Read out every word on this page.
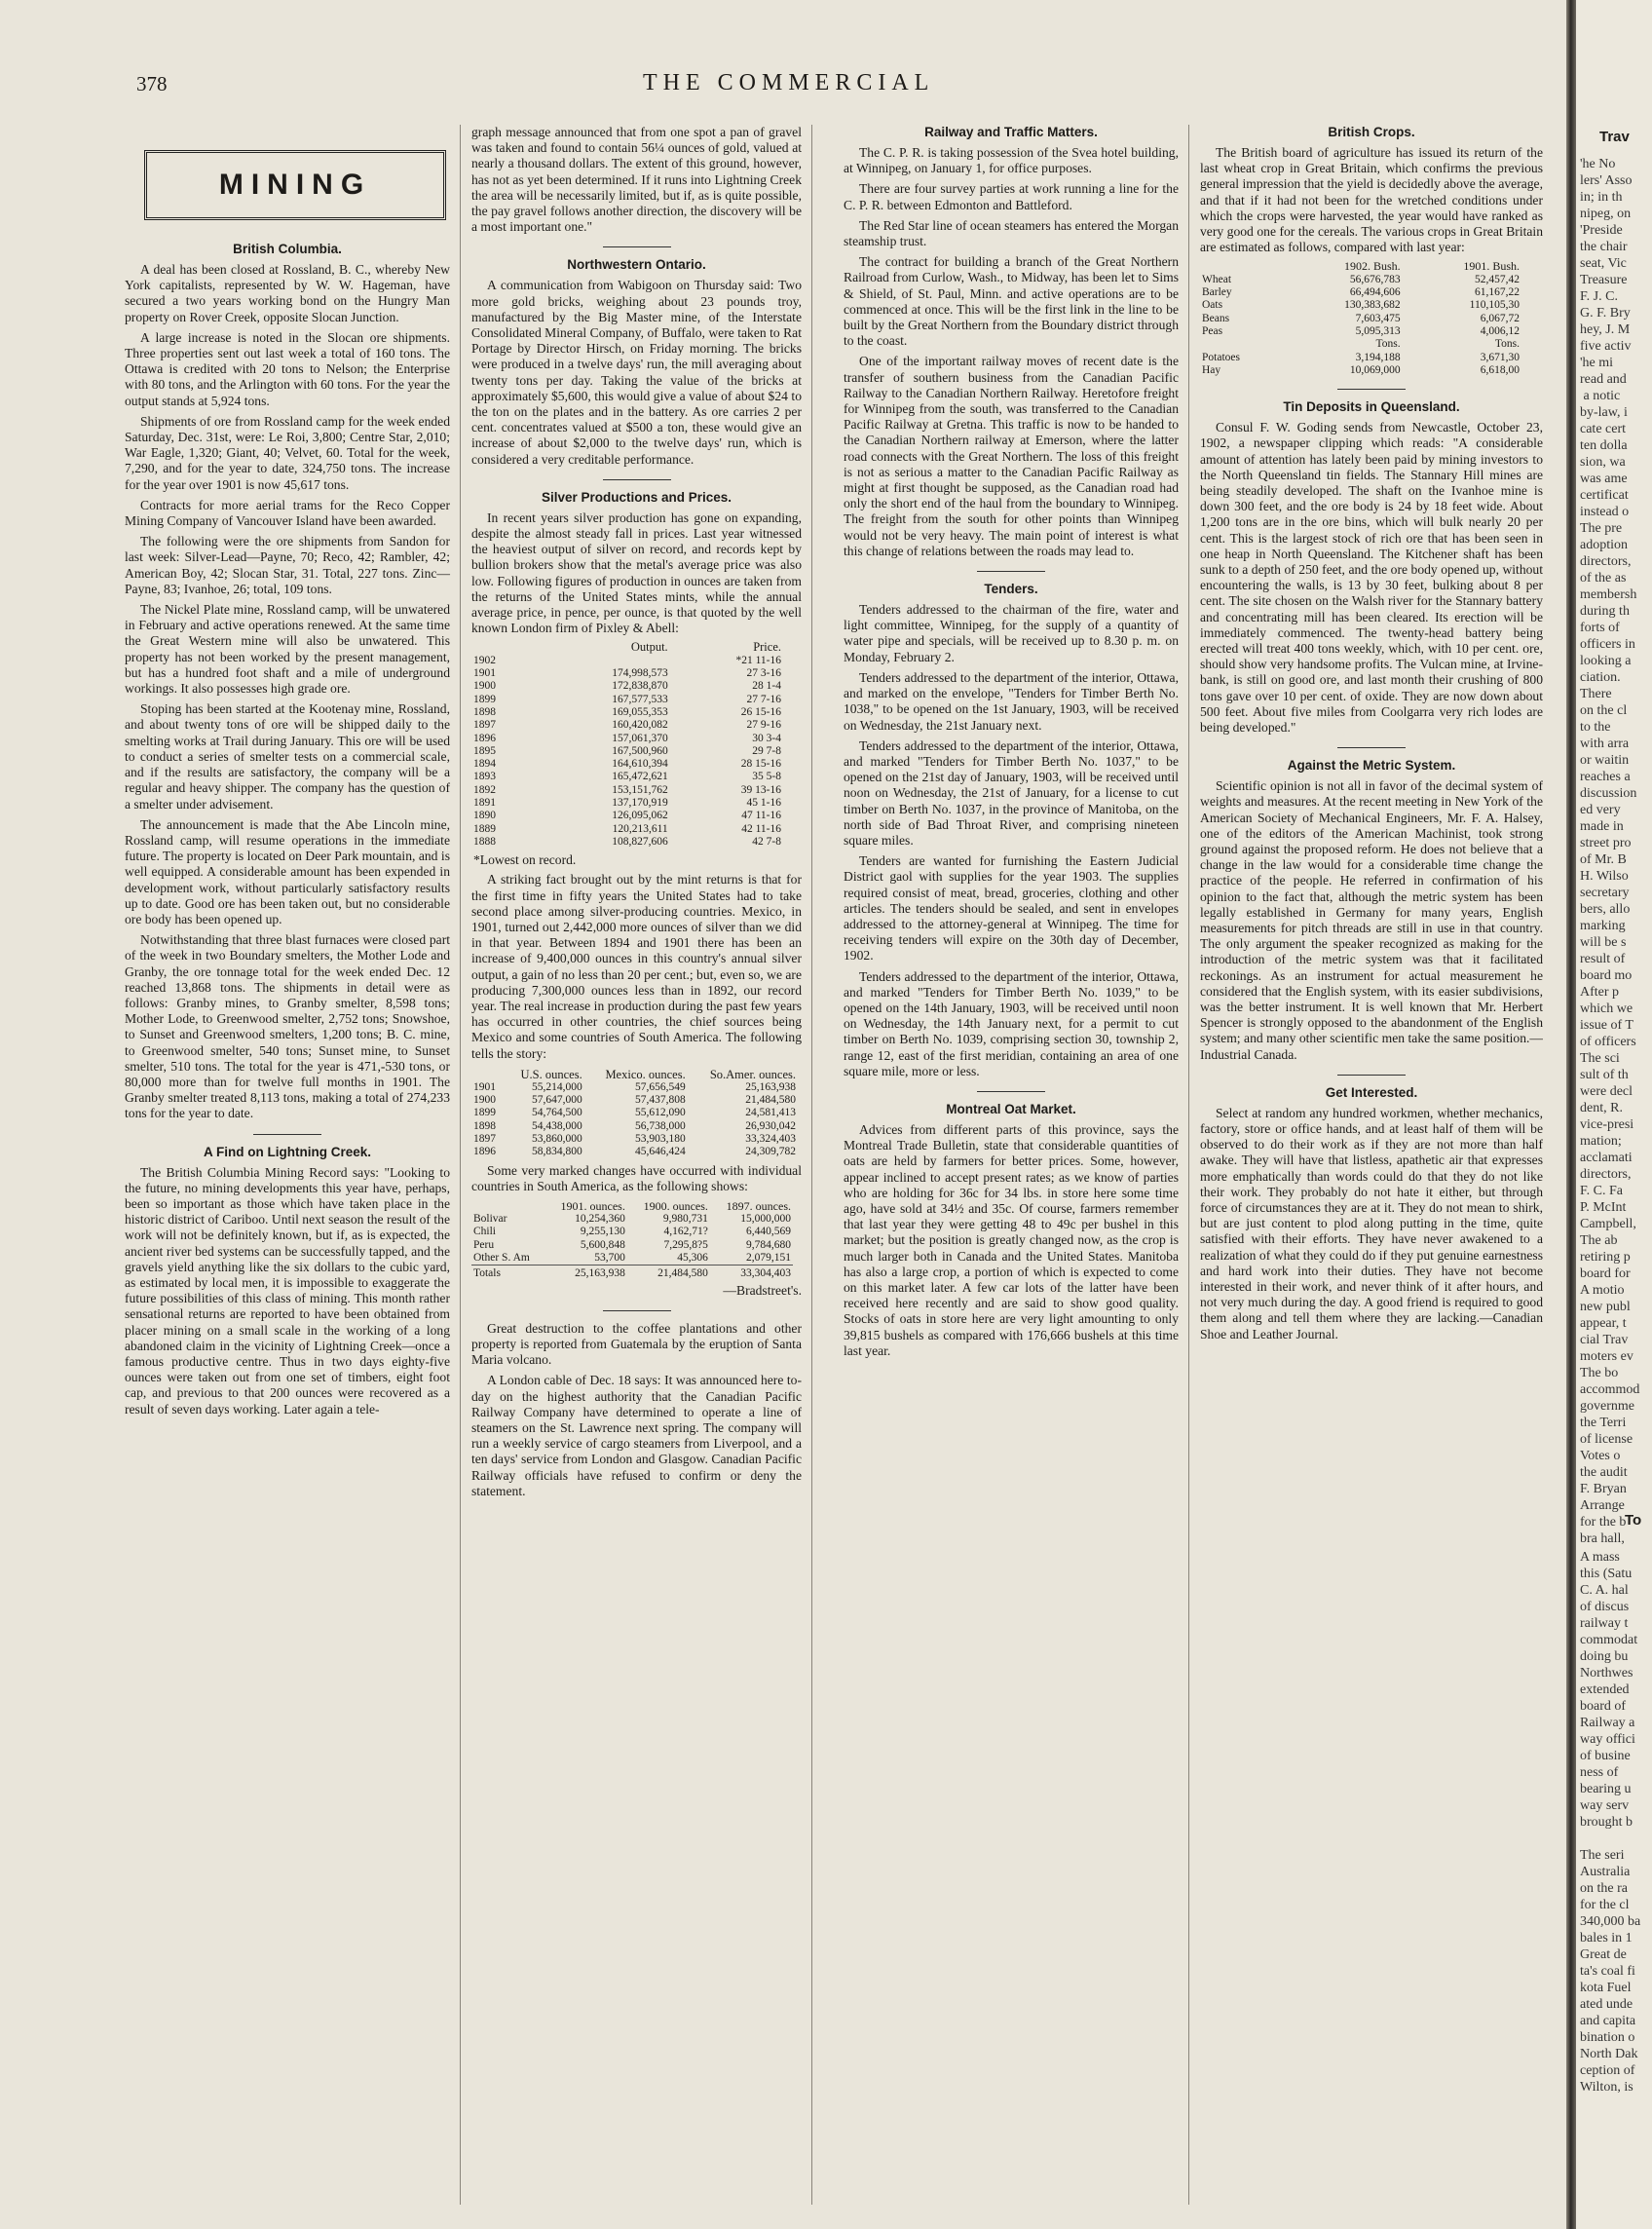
Trav
'he No
lers' Asso
in; in th
nipeg, on
'Preside
the chair
seat, Vic
Treasure
F. J. C.
G. F. Bry
hey, J. M
five activ
'he mi
read and
a notic
by-law, i
cate cert
ten dolla
sion, wa
was ame
certificat
instead o
The pre
adoption
directors,
of the as
membersh
during th
forts of
officers in
looking a
ciation.
There
on the cl
to the
with arra
or waitin
reaches a
discussion
ed very
made in
street pro
of Mr. B
H. Wilso
secretary
bers, allo
marking
will be s
result of
board mo
After p
which we
issue of T
of officers
The sci
sult of th
were decl
dent, R.
vice-presi
mation;
acclamati
directors,
F. C. Fa
P. McInt
Campbell,
The ab
retiring p
board for
A motio
new publ
appear, t
cial Trav
moters ev
The bo
accommod
governme
the Terri
of license
Votes o
the audit
F. Bryan
Arrange
for the b
bra hall,
To
A mass
this (Satu
C. A. hal
of discus
railway t
commodat
doing bu
Northwes
extended
board of
Railway a
way offici
of busine
ness of
bearing u
way serv
brought b

The seri
Australia
on the ra
for the cl
340,000 ba
bales in 1
Great de
ta's coal fi
kota Fuel
ated unde
and capita
bination o
North Dak
ception of
Wilton, is
378	THE COMMERCIAL
MINING
British Columbia.

A deal has been closed at Rossland, B. C., whereby New York capitalists, represented by W. W. Hageman, have secured a two years working bond on the Hungry Man property on Rover Creek, opposite Slocan Junction.

A large increase is noted in the Slocan ore shipments. Three properties sent out last week a total of 160 tons. The Ottawa is credited with 20 tons to Nelson; the Enterprise with 80 tons, and the Arlington with 60 tons. For the year the output stands at 5,924 tons.

Shipments of ore from Rossland camp for the week ended Saturday, Dec. 31st, were: Le Roi, 3,800; Centre Star, 2,010; War Eagle, 1,320; Giant, 40; Velvet, 60. Total for the week, 7,290, and for the year to date, 324,750 tons. The increase for the year over 1901 is now 45,617 tons.

Contracts for more aerial trams for the Reco Copper Mining Company of Vancouver Island have been awarded.

The following were the ore shipments from Sandon for last week: Silver-Lead—Payne, 70; Reco, 42; Rambler, 42; American Boy, 42; Slocan Star, 31. Total, 227 tons. Zinc—Payne, 83; Ivanhoe, 26; total, 109 tons.

The Nickel Plate mine, Rossland camp, will be unwatered in February and active operations renewed. At the same time the Great Western mine will also be unwatered. This property has not been worked by the present management, but has a hundred foot shaft and a mile of underground workings. It also possesses high grade ore.

Stoping has been started at the Kootenay mine, Rossland, and about twenty tons of ore will be shipped daily to the smelting works at Trail during January. This ore will be used to conduct a series of smelter tests on a commercial scale, and if the results are satisfactory, the company will be a regular and heavy shipper. The company has the question of a smelter under advisement.

The announcement is made that the Abe Lincoln mine, Rossland camp, will resume operations in the immediate future. The property is located on Deer Park mountain, and is well equipped. A considerable amount has been expended in development work, without particularly satisfactory results up to date. Good ore has been taken out, but no considerable ore body has been opened up.

Notwithstanding that three blast furnaces were closed part of the week in two Boundary smelters, the Mother Lode and Granby, the ore tonnage total for the week ended Dec. 12 reached 13,868 tons. The shipments in detail were as follows: Granby mines, to Granby smelter, 8,598 tons; Mother Lode, to Greenwood smelter, 2,752 tons; Snowshoe, to Sunset and Greenwood smelters, 1,200 tons; B. C. mine, to Greenwood smelter, 540 tons; Sunset mine, to Sunset smelter, 510 tons. The total for the year is 471,-530 tons, or 80,000 more than for twelve full months in 1901. The Granby smelter treated 8,113 tons, making a total of 274,233 tons for the year to date.

A Find on Lightning Creek.

The British Columbia Mining Record says: "Looking to the future, no mining developments this year have, perhaps, been so important as those which have taken place in the historic district of Cariboo. Until next season the result of the work will not be definitely known, but if, as is expected, the ancient river bed systems can be successfully tapped, and the gravels yield anything like the six dollars to the cubic yard, as estimated by local men, it is impossible to exaggerate the future possibilities of this class of mining. This month rather sensational returns are reported to have been obtained from placer mining on a small scale in the working of a long abandoned claim in the vicinity of Lightning Creek—once a famous productive centre. Thus in two days eighty-five ounces were taken out from one set of timbers, eight foot cap, and previous to that 200 ounces were recovered as a result of seven days working. Later again a tele-

graph message announced that from one spot a pan of gravel was taken and found to contain 56¼ ounces of gold, valued at nearly a thousand dollars. The extent of this ground, however, has not as yet been determined. If it runs into Lightning Creek the area will be necessarily limited, but if, as is quite possible, the pay gravel follows another direction, the discovery will be a most important one."

Northwestern Ontario.

A communication from Wabigoon on Thursday said: Two more gold bricks, weighing about 23 pounds troy, manufactured by the Big Master mine, of the Interstate Consolidated Mineral Company, of Buffalo, were taken to Rat Portage by Director Hirsch, on Friday morning. The bricks were produced in a twelve days' run, the mill averaging about twenty tons per day. Taking the value of the bricks at approximately $5,600, this would give a value of about $24 to the ton on the plates and in the battery. As ore carries 2 per cent. concentrates valued at $500 a ton, these would give an increase of about $2,000 to the twelve days' run, which is considered a very creditable performance.

Silver Productions and Prices.

In recent years silver production has gone on expanding, despite the almost steady fall in prices. Last year witnessed the heaviest output of silver on record, and records kept by bullion brokers show that the metal's average price was also low. Following figures of production in ounces are taken from the returns of the United States mints, while the annual average price, in pence, per ounce, is that quoted by the well known London firm of Pixley & Abell:

	Output.	Price.
1902		*21 11-16
1901	174,998,573	27 3-16
1900	172,838,870	28 1-4
1899	167,577,533	27 7-16
1898	169,055,353	26 15-16
1897	160,420,082	27 9-16
1896	157,061,370	30 3-4
1895	167,500,960	29 7-8
1894	164,610,394	28 15-16
1893	165,472,621	35 5-8
1892	153,151,762	39 13-16
1891	137,170,919	45 1-16
1890	126,095,062	47 11-16
1889	120,213,611	42 11-16
1888	108,827,606	42 7-8

*Lowest on record.

A striking fact brought out by the mint returns is that for the first time in fifty years the United States had to take second place among silver-producing countries. Mexico, in 1901, turned out 2,442,000 more ounces of silver than we did in that year. Between 1894 and 1901 there has been an increase of 9,400,000 ounces in this country's annual silver output, a gain of no less than 20 per cent.; but, even so, we are producing 7,300,000 ounces less than in 1892, our record year. The real increase in production during the past few years has occurred in other countries, the chief sources being Mexico and some countries of South America. The following tells the story:

	U.S. ounces.	Mexico. ounces.	So.Amer. ounces.
1901	55,214,000	57,656,549	25,163,938
1900	57,647,000	57,437,808	21,484,580
1899	54,764,500	55,612,090	24,581,413
1898	54,438,000	56,738,000	26,930,042
1897	53,860,000	53,903,180	33,324,403
1896	58,834,800	45,646,424	24,309,782

Some very marked changes have occurred with individual countries in South America, as the following shows:

	1901. ounces.	1900. ounces.	1897. ounces.
Bolivar	10,254,360	9,980,731	15,000,000
Chili	9,255,130	4,162,71?	6,440,569
Peru	5,600,848	7,295,8?5	9,784,680
Other S. Am	53,700	45,306	2,079,151
Totals	25,163,938	21,484,580	33,304,403

—Bradstreet's.

Great destruction to the coffee plantations and other property is reported from Guatemala by the eruption of Santa Maria volcano.

A London cable of Dec. 18 says: It was announced here to-day on the highest authority that the Canadian Pacific Railway Company have determined to operate a line of steamers on the St. Lawrence next spring. The company will run a weekly service of cargo steamers from Liverpool, and a ten days' service from London and Glasgow. Canadian Pacific Railway officials have refused to confirm or deny the statement.

Railway and Traffic Matters.

The C. P. R. is taking possession of the Svea hotel building, at Winnipeg, on January 1, for office purposes.

There are four survey parties at work running a line for the C. P. R. between Edmonton and Battleford.

The Red Star line of ocean steamers has entered the Morgan steamship trust.

The contract for building a branch of the Great Northern Railroad from Curlow, Wash., to Midway, has been let to Sims & Shield, of St. Paul, Minn. and active operations are to be commenced at once. This will be the first link in the line to be built by the Great Northern from the Boundary district through to the coast.

One of the important railway moves of recent date is the transfer of southern business from the Canadian Pacific Railway to the Canadian Northern Railway. Heretofore freight for Winnipeg from the south, was transferred to the Canadian Pacific Railway at Gretna. This traffic is now to be handed to the Canadian Northern railway at Emerson, where the latter road connects with the Great Northern. The loss of this freight is not as serious a matter to the Canadian Pacific Railway as might at first thought be supposed, as the Canadian road had only the short end of the haul from the boundary to Winnipeg. The freight from the south for other points than Winnipeg would not be very heavy. The main point of interest is what this change of relations between the roads may lead to.

Tenders.

Tenders addressed to the chairman of the fire, water and light committee, Winnipeg, for the supply of a quantity of water pipe and specials, will be received up to 8.30 p. m. on Monday, February 2.

Tenders addressed to the department of the interior, Ottawa, and marked on the envelope, "Tenders for Timber Berth No. 1038," to be opened on the 1st January, 1903, will be received on Wednesday, the 21st January next.

Tenders addressed to the department of the interior, Ottawa, and marked "Tenders for Timber Berth No. 1037," to be opened on the 21st day of January, 1903, will be received until noon on Wednesday, the 21st of January, for a license to cut timber on Berth No. 1037, in the province of Manitoba, on the north side of Bad Throat River, and comprising nineteen square miles.

Tenders are wanted for furnishing the Eastern Judicial District gaol with supplies for the year 1903. The supplies required consist of meat, bread, groceries, clothing and other articles. The tenders should be sealed, and sent in envelopes addressed to the attorney-general at Winnipeg. The time for receiving tenders will expire on the 30th day of December, 1902.

Tenders addressed to the department of the interior, Ottawa, and marked "Tenders for Timber Berth No. 1039," to be opened on the 14th January, 1903, will be received until noon on Wednesday, the 14th January next, for a permit to cut timber on Berth No. 1039, comprising section 30, township 2, range 12, east of the first meridian, containing an area of one square mile, more or less.

Montreal Oat Market.

Advices from different parts of this province, says the Montreal Trade Bulletin, state that considerable quantities of oats are held by farmers for better prices. Some, however, appear inclined to accept present rates; as we know of parties who are holding for 36c for 34 lbs. in store here some time ago, have sold at 34½ and 35c. Of course, farmers remember that last year they were getting 48 to 49c per bushel in this market; but the position is greatly changed now, as the crop is much larger both in Canada and the United States. Manitoba has also a large crop, a portion of which is expected to come on this market later. A few car lots of the latter have been received here recently and are said to show good quality. Stocks of oats in store here are very light amounting to only 39,815 bushels as compared with 176,666 bushels at this time last year.

British Crops.

The British board of agriculture has issued its return of the last wheat crop in Great Britain, which confirms the previous general impression that the yield is decidedly above the average, and that if it had not been for the wretched conditions under which the crops were harvested, the year would have ranked as very good one for the cereals. The various crops in Great Britain are estimated as follows, compared with last year:

	1902. Bush.	1901. Bush.
Wheat	56,676,783	52,457,42
Barley	66,494,606	61,167,22
Oats	130,383,682	110,105,30
Beans	7,603,475	6,067,72
Peas	5,095,313	4,006,12
	Tons.	Tons.
Potatoes	3,194,188	3,671,30
Hay	10,069,000	6,618,00
Tin Deposits in Queensland.

Consul F. W. Goding sends from Newcastle, October 23, 1902, a newspaper clipping which reads: "A considerable amount of attention has lately been paid by mining investors to the North Queensland tin fields. The Stannary Hill mines are being steadily developed. The shaft on the Ivanhoe mine is down 300 feet, and the ore body is 24 by 18 feet wide. About 1,200 tons are in the ore bins, which will bulk nearly 20 per cent. This is the largest stock of rich ore that has been seen in one heap in North Queensland. The Kitchener shaft has been sunk to a depth of 250 feet, and the ore body opened up, without encountering the walls, is 13 by 30 feet, bulking about 8 per cent. The site chosen on the Walsh river for the Stannary battery and concentrating mill has been cleared. Its erection will be immediately commenced. The twenty-head battery being erected will treat 400 tons weekly, which, with 10 per cent. ore, should show very handsome profits. The Vulcan mine, at Irvine-bank, is still on good ore, and last month their crushing of 800 tons gave over 10 per cent. of oxide. They are now down about 500 feet. About five miles from Coolgarra very rich lodes are being developed."

Against the Metric System.

Scientific opinion is not all in favor of the decimal system of weights and measures. At the recent meeting in New York of the American Society of Mechanical Engineers, Mr. F. A. Halsey, one of the editors of the American Machinist, took strong ground against the proposed reform. He does not believe that a change in the law would for a considerable time change the practice of the people. He referred in confirmation of his opinion to the fact that, although the metric system has been legally established in Germany for many years, English measurements for pitch threads are still in use in that country. The only argument the speaker recognized as making for the introduction of the metric system was that it facilitated reckonings. As an instrument for actual measurement he considered that the English system, with its easier subdivisions, was the better instrument. It is well known that Mr. Herbert Spencer is strongly opposed to the abandonment of the English system; and many other scientific men take the same position.—Industrial Canada.

Get Interested.

Select at random any hundred workmen, whether mechanics, factory, store or office hands, and at least half of them will be observed to do their work as if they are not more than half awake. They will have that listless, apathetic air that expresses more emphatically than words could do that they do not like their work. They probably do not hate it either, but through force of circumstances they are at it. They do not mean to shirk, but are just content to plod along putting in the time, quite satisfied with their efforts. They have never awakened to a realization of what they could do if they put genuine earnestness and hard work into their duties. They have not become interested in their work, and never think of it after hours, and not very much during the day. A good friend is required to good them along and tell them where they are lacking.—Canadian Shoe and Leather Journal.
